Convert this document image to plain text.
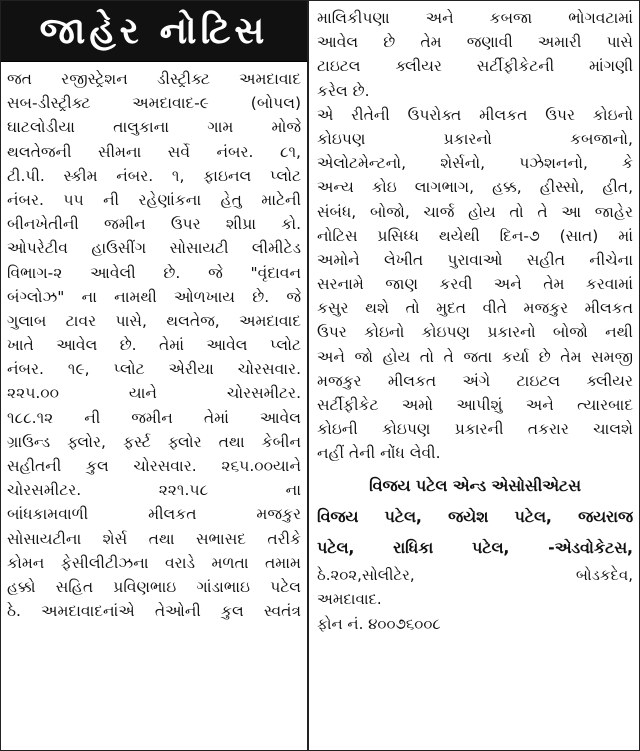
જાહેર નોટિસ
જત રજીસ્ટ્રેશન ડીસ્ટ્રીક્ટ અમદાવાદ
સબ-ડીસ્ટ્રીક્ટ અમદાવાદ-૯ (બોપલ)
ઘાટલોડીયા તાલુકાના ગામ મોજે
થલતેજની સીમના સર્વે નંબર. ૮૧,
ટી.પી. સ્કીમ નંબર. ૧, ફાઇનલ પ્લોટ
નંબર. ૫૫ ની રહેણાંકના હેતુ માટેની
બીનખેતીની જમીન ઉપર શીપ્રા કો.
ઓપરેટીવ હાઉસીંગ સોસાયટી લીમીટેડ
વિભાગ-૨ આવેલી છે. જે "વૃંદાવન
બંગ્લોઝ" ના નામથી ઓળખાય છે. જે
ગુલાબ ટાવર પાસે, થલતેજ, અમદાવાદ
ખાતે આવેલ છે. તેમાં આવેલ પ્લોટ
નંબર. ૧૯, પ્લોટ એરીયા ચોરસવાર.
૨૨૫.૦૦ યાને ચોરસમીટર.
૧૮૮.૧૨ ની જમીન તેમાં આવેલ
ગ્રાઉન્ડ ફ્લોર, ફર્સ્ટ ફ્લોર તથા કેબીન
સહીતની કુલ ચોરસવાર. ૨૬૫.૦૦યાને
ચોરસમીટર. ૨૨૧.૫૮ ના
બાંધકામવાળી મીલકત મજકુર
સોસાયટીના શેર્સ તથા સભાસદ તરીકે
કોમન ફેસીલીટીઝના વરાડે મળતા તમામ
હક્કો સહિત પ્રવિણભાઇ ગાંડાભાઇ પટેલ
ઠે. અમદાવાદનાંએ તેઓની કુલ સ્વતંત્ર
માલિકીપણા અને કબજા ભોગવટામાં
આવેલ છે તેમ જણાવી અમારી પાસે
ટાઇટલ ક્લીયર સર્ટીફીકેટની માંગણી
કરેલ છે.
એ રીતેની ઉપરોક્ત મીલકત ઉપર કોઇનો
કોઇપણ પ્રકારનો કબજાનો,
એલોટમેન્ટનો, શેર્સનો, પઝેશનનો, કે
અન્ય કોઇ લાગભાગ, હક્ક, હીસ્સો, હીત,
સંબંધ, બોજો, ચાર્જ હોય તો તે આ જાહેર
નોટિસ પ્રસિધ્ધ થયેથી દિન-૭ (સાત) માં
અમોને લેખીત પુરાવાઓ સહીત નીચેના
સરનામે જાણ કરવી અને તેમ કરવામાં
કસુર થશે તો મુદત વીતે મજકુર મીલકત
ઉપર કોઇનો કોઇપણ પ્રકારનો બોજો નથી
અને જો હોય તો તે જતા કર્યા છે તેમ સમજી
મજકુર મીલકત અંગે ટાઇટલ ક્લીયર
સર્ટીફીકેટ અમો આપીશું અને ત્યારબાદ
કોઇની કોઇપણ પ્રકારની તકરાર ચાલશે
નહીં તેની નોંધ લેવી.
વિજય પટેલ એન્ડ એસોસીએટસ
વિજય પટેલ, જયેશ પટેલ, જયરાજ
પટેલ, રાધિકા પટેલ, -એડવોકેટસ,
ઠે.૨૦૨,સોલીટેર, બોડકદેવ,
અમદાવાદ.
ફોન નં. ૪૦૦૭૬૦૦૮
